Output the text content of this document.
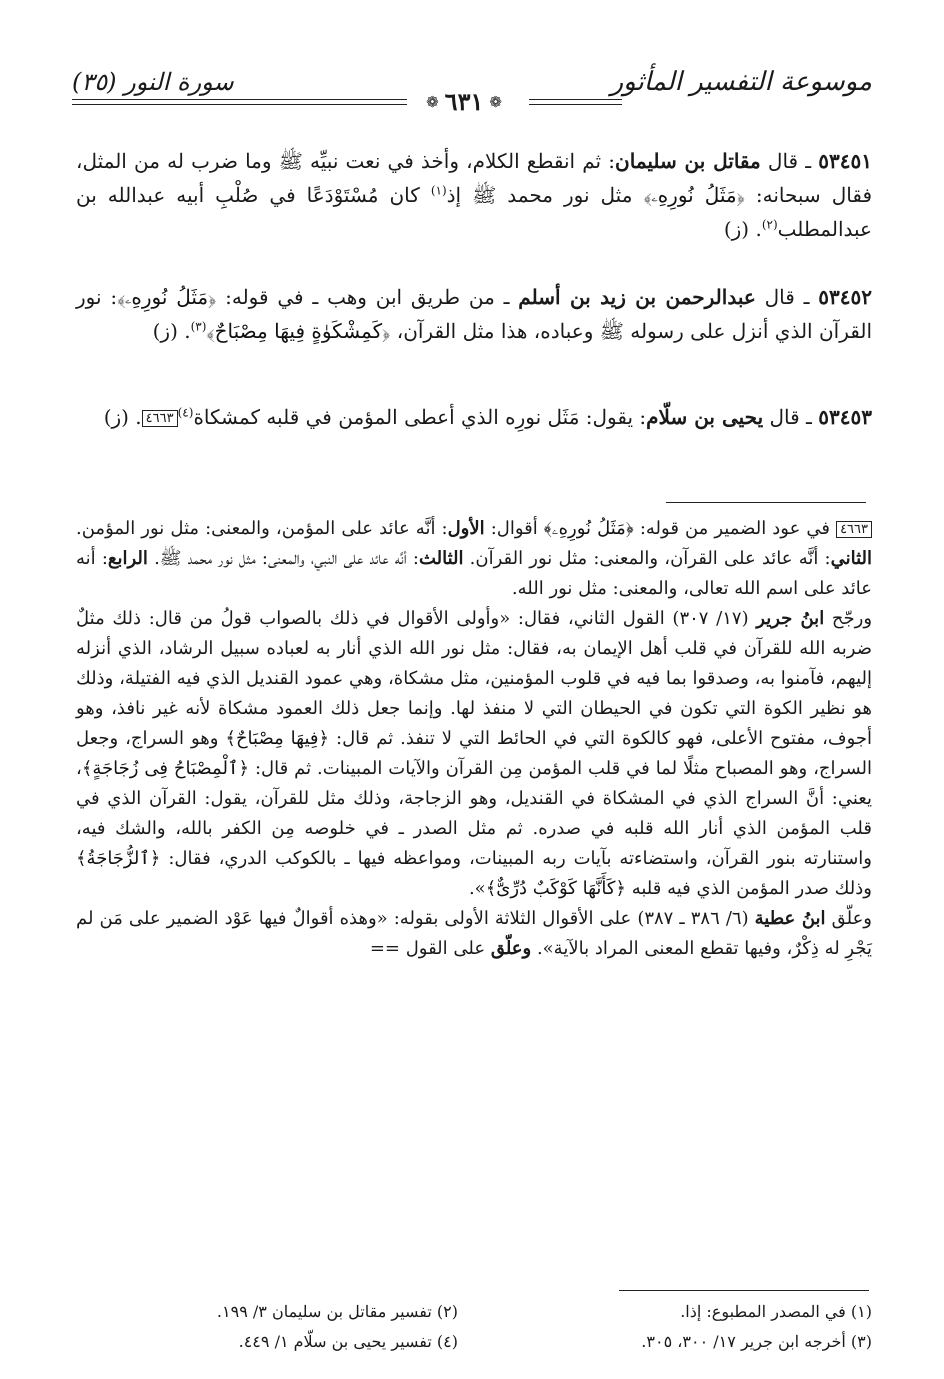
موسوعة التفسير المأثور
سورة النور (٣٥)
❁
٦٣١
❁
٥٣٤٥١ ـ قال مقاتل بن سليمان: ثم انقطع الكلام، وأخذ في نعت نبيِّه ﷺ وما ضرب له من المثل، فقال سبحانه: ﴿مَثَلُ نُورِهِۦ﴾ مثل نور محمد ﷺ إذ$^{(١)}$ كان مُسْتَوْدَعًا في صُلْبِ أبيه عبدالله بن عبدالمطلب$^{(٢)}$. (ز)
٥٣٤٥٢ ـ قال عبدالرحمن بن زيد بن أسلم ـ من طريق ابن وهب ـ في قوله: ﴿مَثَلُ نُورِهِۦ﴾: نور القرآن الذي أنزل على رسوله ﷺ وعباده، هذا مثل القرآن، ﴿كَمِشْكَوٰةٍ فِيهَا مِصْبَاحٌ﴾$^{(٣)}$. (ز)
٥٣٤٥٣ ـ قال يحيى بن سلّام: يقول: مَثَل نورِه الذي أعطى المؤمن في قلبه كمشكاة$^{(٤)}$٤٦٦٣. (ز)
٤٦٦٣ في عود الضمير من قوله: ﴿مَثَلُ نُورِهِۦ﴾ أقوال: الأول: أنَّه عائد على المؤمن، والمعنى: مثل نور المؤمن. الثاني: أنَّه عائد على القرآن، والمعنى: مثل نور القرآن. الثالث: أنَّه عائد على النبي، والمعنى: مثل نور محمد ﷺ. الرابع: أنه عائد على اسم الله تعالى، والمعنى: مثل نور الله.
ورجّح ابنُ جرير (١٧/ ٣٠٧) القول الثاني، فقال: «وأولى الأقوال في ذلك بالصواب قولُ من قال: ذلك مثلٌ ضربه الله للقرآن في قلب أهل الإيمان به، فقال: مثل نور الله الذي أنار به لعباده سبيل الرشاد، الذي أنزله إليهم، فآمنوا به، وصدقوا بما فيه في قلوب المؤمنين، مثل مشكاة، وهي عمود القنديل الذي فيه الفتيلة، وذلك هو نظير الكوة التي تكون في الحيطان التي لا منفذ لها. وإنما جعل ذلك العمود مشكاة لأنه غير نافذ، وهو أجوف، مفتوح الأعلى، فهو كالكوة التي في الحائط التي لا تنفذ. ثم قال: ﴿فِيهَا مِصْبَاحٌ﴾ وهو السراج، وجعل السراج، وهو المصباح مثلًا لما في قلب المؤمن مِن القرآن والآيات المبينات. ثم قال: ﴿ٱلْمِصْبَاحُ فِى زُجَاجَةٍ﴾، يعني: أنَّ السراج الذي في المشكاة في القنديل، وهو الزجاجة، وذلك مثل للقرآن، يقول: القرآن الذي في قلب المؤمن الذي أنار الله قلبه في صدره. ثم مثل الصدر ـ في خلوصه مِن الكفر بالله، والشك فيه، واستنارته بنور القرآن، واستضاءته بآيات ربه المبينات، ومواعظه فيها ـ بالكوكب الدري، فقال: ﴿ٱلزُّجَاجَةُ﴾ وذلك صدر المؤمن الذي فيه قلبه ﴿كَأَنَّهَا كَوْكَبٌ دُرِّىٌّ﴾».
وعلّق ابنُ عطية (٦/ ٣٨٦ ـ ٣٨٧) على الأقوال الثلاثة الأولى بقوله: «وهذه أقوالٌ فيها عَوْد الضمير على مَن لم يَجْرِ له ذِكْرٌ، وفيها تقطع المعنى المراد بالآية». وعلّق على القول ==
(١) في المصدر المطبوع: إذا.
(٢) تفسير مقاتل بن سليمان ٣/ ١٩٩.
(٣) أخرجه ابن جرير ١٧/ ٣٠٠، ٣٠٥.
(٤) تفسير يحيى بن سلّام ١/ ٤٤٩.
